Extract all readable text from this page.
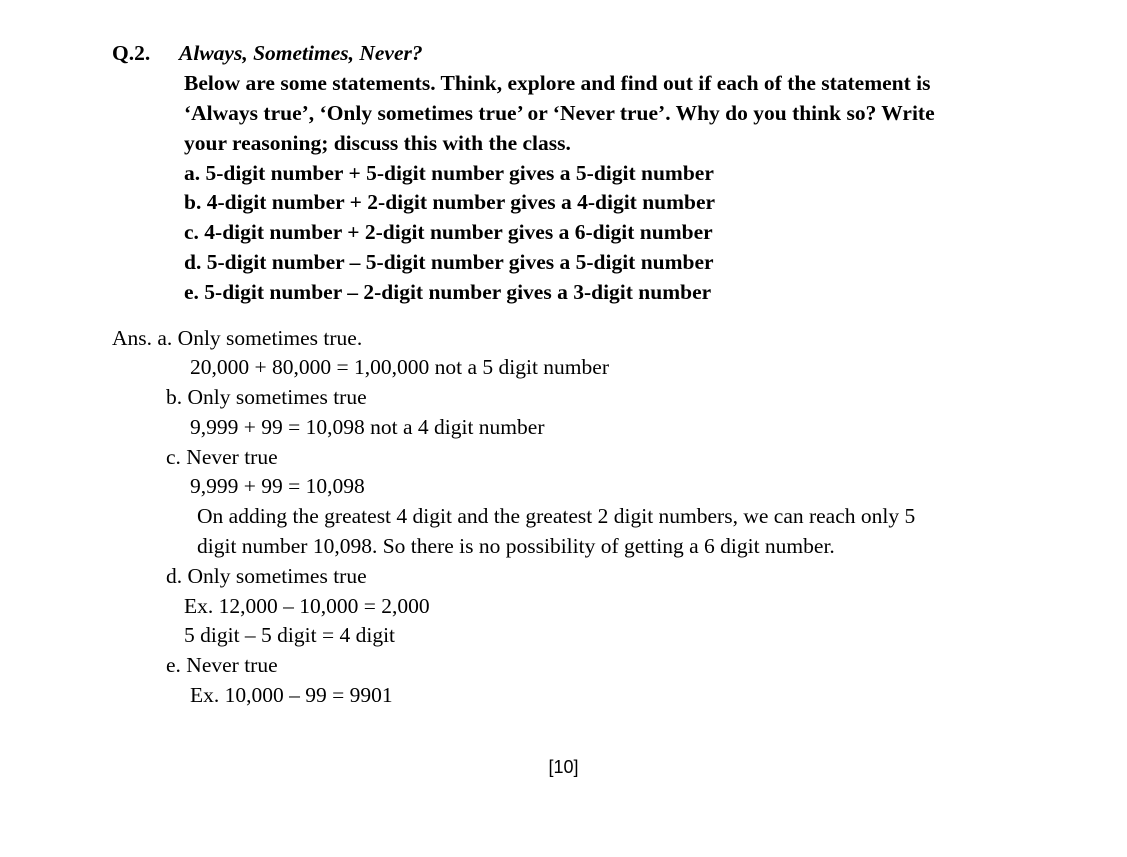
Q.2. Always, Sometimes, Never?
Below are some statements. Think, explore and find out if each of the statement is
‘Always true’, ‘Only sometimes true’ or ‘Never true’. Why do you think so? Write
your reasoning; discuss this with the class.
a. 5-digit number + 5-digit number gives a 5-digit number
b. 4-digit number + 2-digit number gives a 4-digit number
c. 4-digit number + 2-digit number gives a 6-digit number
d. 5-digit number – 5-digit number gives a 5-digit number
e. 5-digit number – 2-digit number gives a 3-digit number
Ans. a. Only sometimes true.
20,000 + 80,000 = 1,00,000 not a 5 digit number
b. Only sometimes true
9,999 + 99 = 10,098 not a 4 digit number
c. Never true
9,999 + 99 = 10,098
On adding the greatest 4 digit and the greatest 2 digit numbers, we can reach only 5
digit number 10,098. So there is no possibility of getting a 6 digit number.
d. Only sometimes true
Ex. 12,000 – 10,000 = 2,000
5 digit – 5 digit = 4 digit
e. Never true
Ex. 10,000 – 99 = 9901
[10]
